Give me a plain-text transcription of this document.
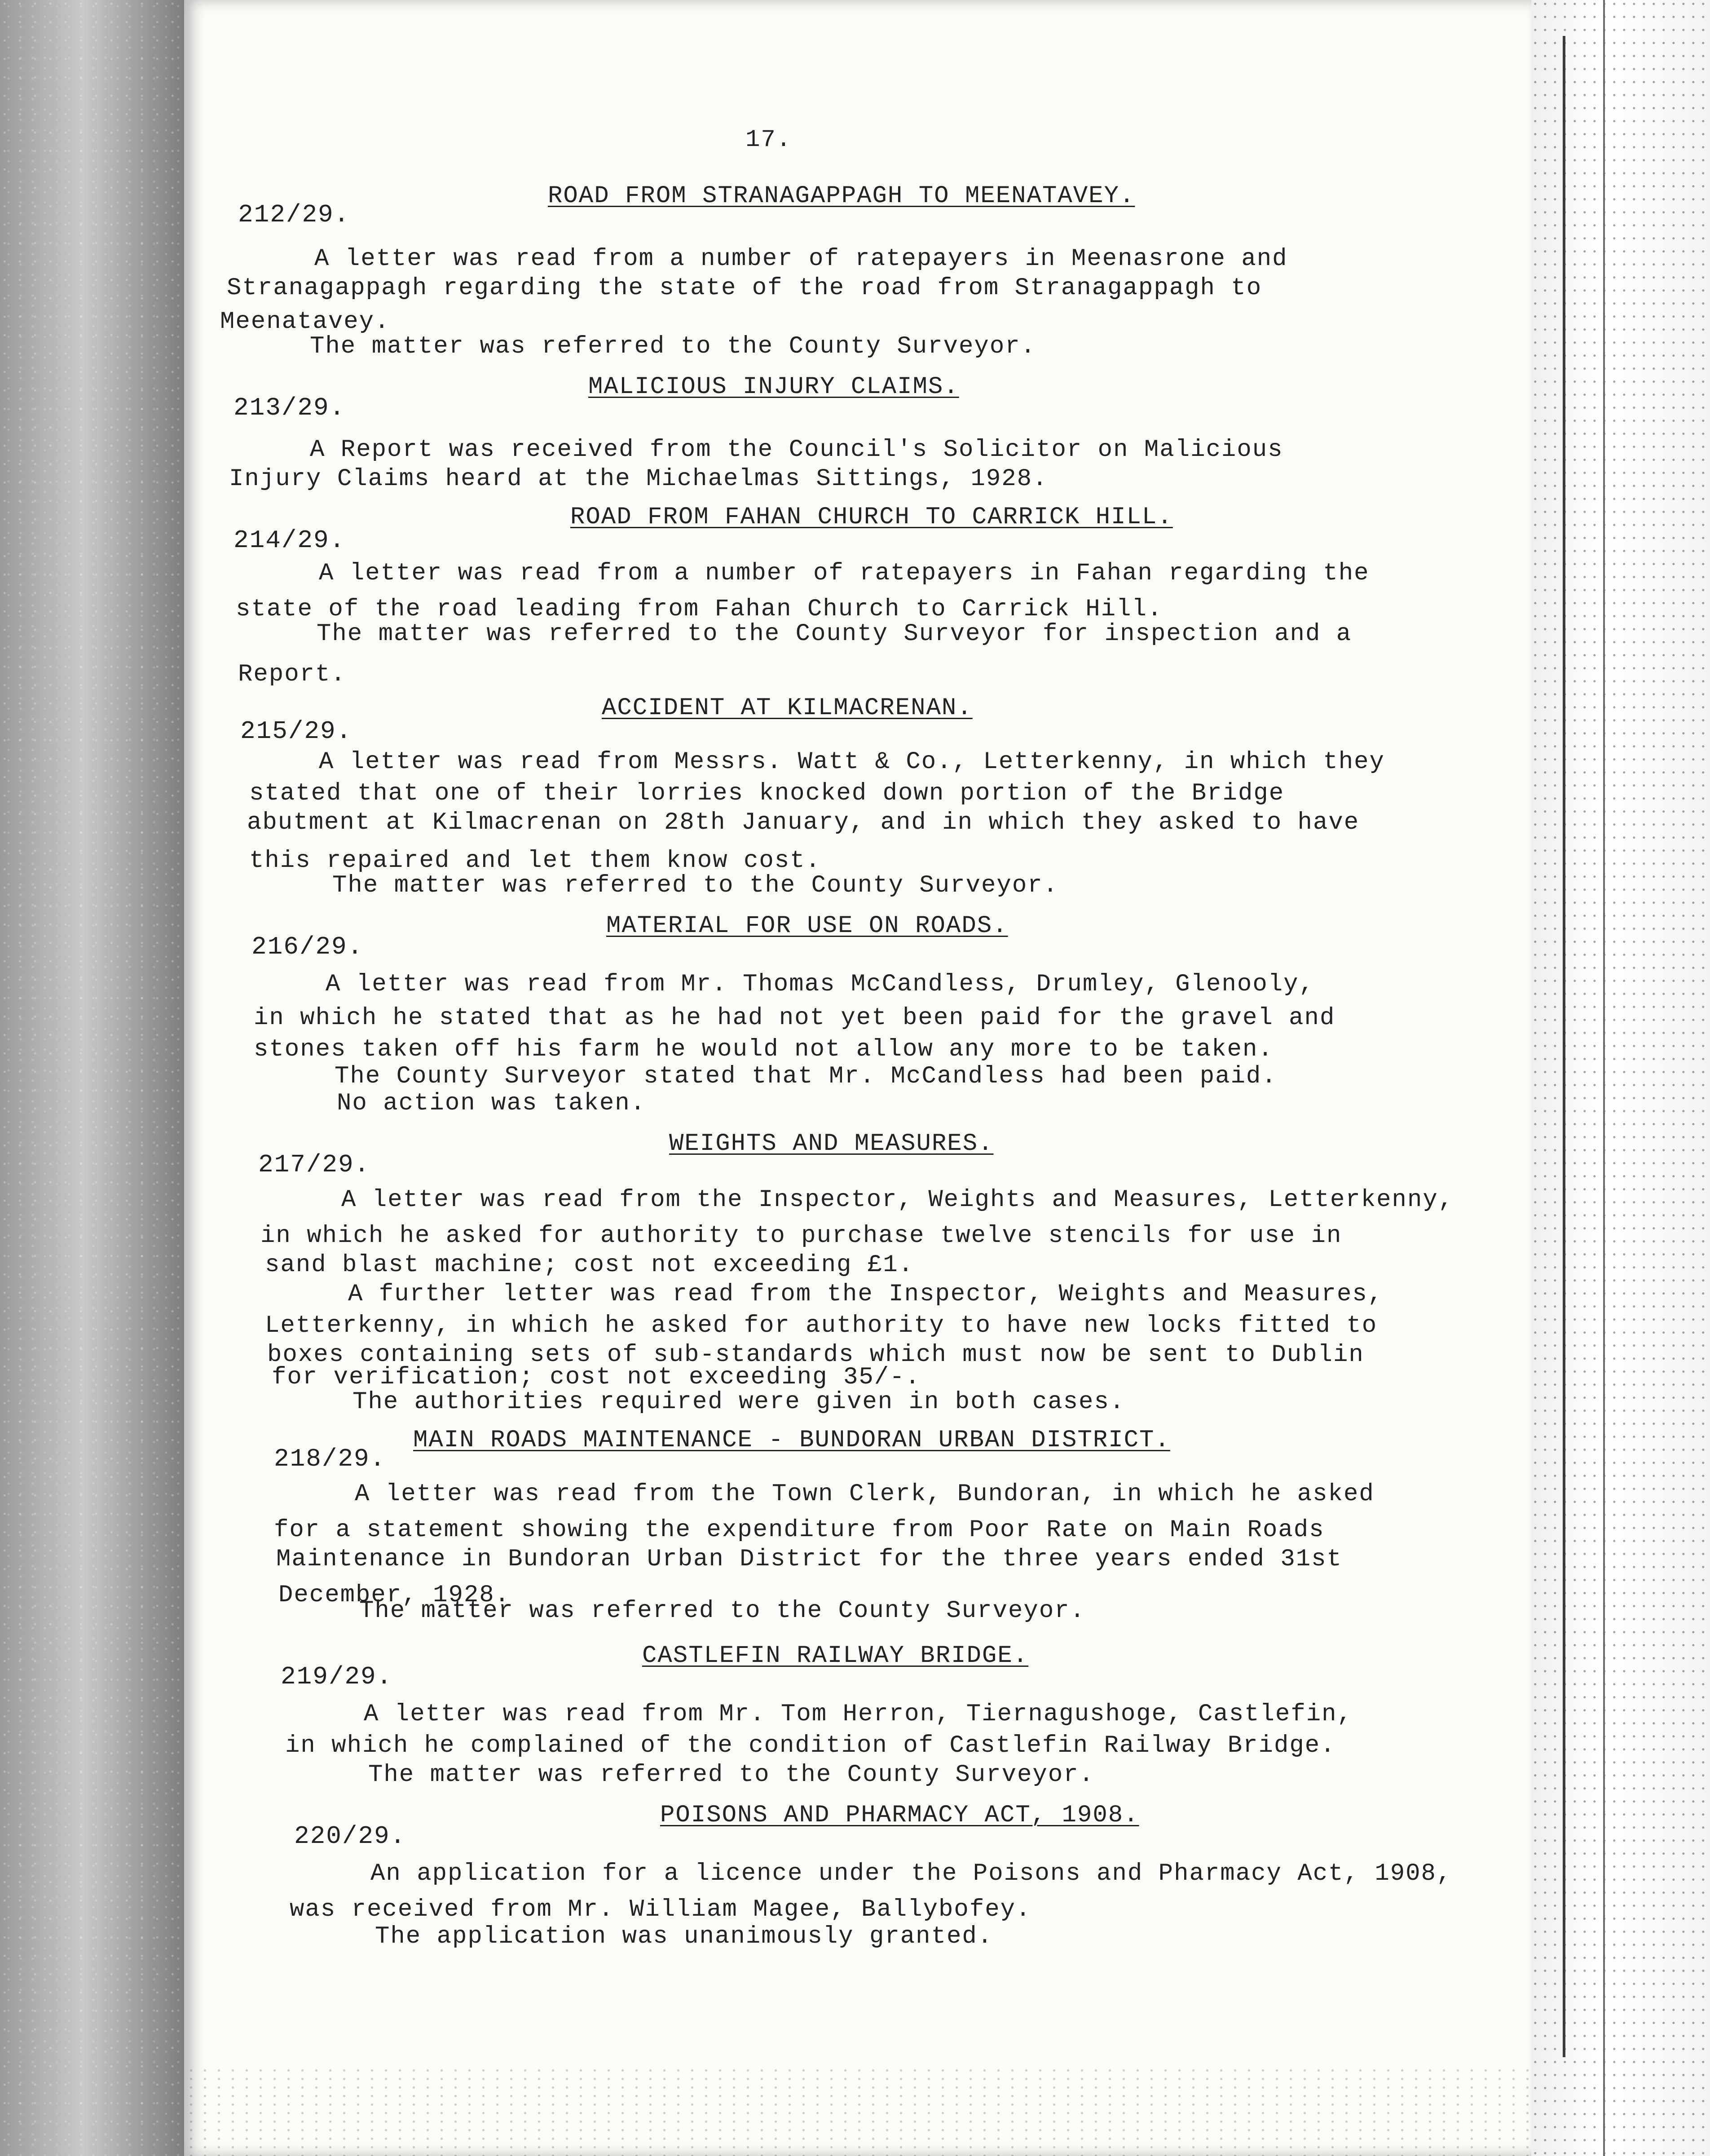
17.
212/29.
ROAD FROM STRANAGAPPAGH TO MEENATAVEY.
A letter was read from a number of ratepayers in Meenasrone and
Stranagappagh regarding the state of the road from Stranagappagh to
Meenatavey.
The matter was referred to the County Surveyor.
213/29.
MALICIOUS INJURY CLAIMS.
A Report was received from the Council's Solicitor on Malicious
Injury Claims heard at the Michaelmas Sittings, 1928.
214/29.
ROAD FROM FAHAN CHURCH TO CARRICK HILL.
A letter was read from a number of ratepayers in Fahan regarding the
state of the road leading from Fahan Church to Carrick Hill.
The matter was referred to the County Surveyor for inspection and a
Report.
215/29.
ACCIDENT AT KILMACRENAN.
A letter was read from Messrs. Watt & Co., Letterkenny, in which they
stated that one of their lorries knocked down portion of the Bridge
abutment at Kilmacrenan on 28th January, and in which they asked to have
this repaired and let them know cost.
The matter was referred to the County Surveyor.
216/29.
MATERIAL FOR USE ON ROADS.
A letter was read from Mr. Thomas McCandless, Drumley, Glenooly,
in which he stated that as he had not yet been paid for the gravel and
stones taken off his farm he would not allow any more to be taken.
The County Surveyor stated that Mr. McCandless had been paid.
No action was taken.
217/29.
WEIGHTS AND MEASURES.
A letter was read from the Inspector, Weights and Measures, Letterkenny,
in which he asked for authority to purchase twelve stencils for use in
sand blast machine; cost not exceeding £1.
A further letter was read from the Inspector, Weights and Measures,
Letterkenny, in which he asked for authority to have new locks fitted to
boxes containing sets of sub-standards which must now be sent to Dublin
for verification; cost not exceeding 35/-.
The authorities required were given in both cases.
218/29.
MAIN ROADS MAINTENANCE - BUNDORAN URBAN DISTRICT.
A letter was read from the Town Clerk, Bundoran, in which he asked
for a statement showing the expenditure from Poor Rate on Main Roads
Maintenance in Bundoran Urban District for the three years ended 31st
December, 1928.
The matter was referred to the County Surveyor.
219/29.
CASTLEFIN RAILWAY BRIDGE.
A letter was read from Mr. Tom Herron, Tiernagushoge, Castlefin,
in which he complained of the condition of Castlefin Railway Bridge.
The matter was referred to the County Surveyor.
220/29.
POISONS AND PHARMACY ACT, 1908.
An application for a licence under the Poisons and Pharmacy Act, 1908,
was received from Mr. William Magee, Ballybofey.
The application was unanimously granted.
